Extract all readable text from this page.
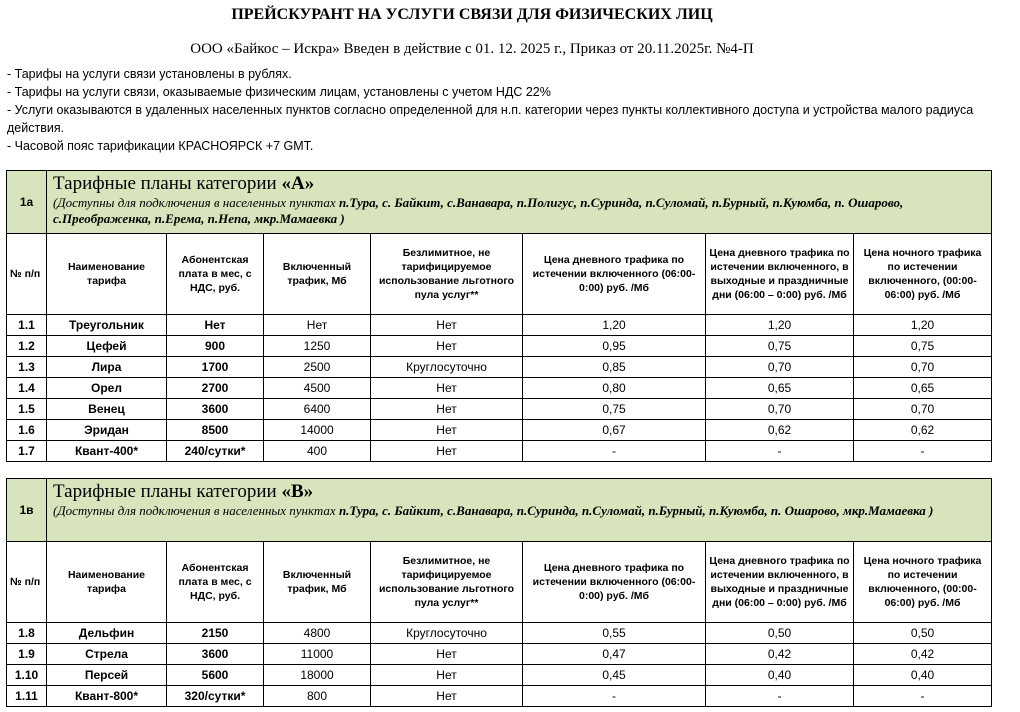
ПРЕЙСКУРАНТ НА УСЛУГИ СВЯЗИ ДЛЯ ФИЗИЧЕСКИХ ЛИЦ
ООО «Байкос – Искра» Введен в действие с 01. 12. 2025 г., Приказ от 20.11.2025г. №4-П
- Тарифы на услуги связи установлены в рублях.
- Тарифы на услуги связи, оказываемые физическим лицам, установлены с учетом НДС 22%
- Услуги оказываются в удаленных населенных пунктов согласно определенной для н.п. категории через пункты коллективного доступа и устройства малого радиуса действия.
- Часовой пояс тарификации КРАСНОЯРСК +7 GMT.
1а	Тарифные планы категории «А»
(Доступны для подключения в населенных пунктах п.Тура, с. Байкит, с.Ванавара, п.Полигус, п.Суринда, п.Суломай, п.Бурный, п.Куюмба, п. Ошарово, с.Преображенка, п.Ерема, п.Непа, мкр.Мамаевка )						

№ п/п	Наименование тарифа	Абонентская плата в мес, с НДС, руб.	Включенный трафик, Мб	Безлимитное, не тарифицируемое использование льготного пула услуг**	Цена дневного трафика по истечении включенного (06:00-0:00) руб. /Мб	Цена дневного трафика по истечении включенного, в выходные и праздничные дни (06:00 – 0:00) руб. /Мб	Цена ночного трафика по истечении включенного, (00:00-06:00) руб. /Мб
1.1	Треугольник	Нет	Нет	Нет	1,20	1,20	1,20
1.2	Цефей	900	1250	Нет	0,95	0,75	0,75
1.3	Лира	1700	2500	Круглосуточно	0,85	0,70	0,70
1.4	Орел	2700	4500	Нет	0,80	0,65	0,65
1.5	Венец	3600	6400	Нет	0,75	0,70	0,70
1.6	Эридан	8500	14000	Нет	0,67	0,62	0,62
1.7	Квант-400*	240/сутки*	400	Нет	-	-	-
1в	Тарифные планы категории «В»
(Доступны для подключения в населенных пунктах п.Тура, с. Байкит, с.Ванавара, п.Суринда, п.Суломай, п.Бурный, п.Куюмба, п. Ошарово, мкр.Мамаевка )						

№ п/п	Наименование тарифа	Абонентская плата в мес, с НДС, руб.	Включенный трафик, Мб	Безлимитное, не тарифицируемое использование льготного пула услуг**	Цена дневного трафика по истечении включенного (06:00-0:00) руб. /Мб	Цена дневного трафика по истечении включенного, в выходные и праздничные дни (06:00 – 0:00) руб. /Мб	Цена ночного трафика по истечении включенного, (00:00-06:00) руб. /Мб
1.8	Дельфин	2150	4800	Круглосуточно	0,55	0,50	0,50
1.9	Стрела	3600	11000	Нет	0,47	0,42	0,42
1.10	Персей	5600	18000	Нет	0,45	0,40	0,40
1.11	Квант-800*	320/сутки*	800	Нет	-	-	-
